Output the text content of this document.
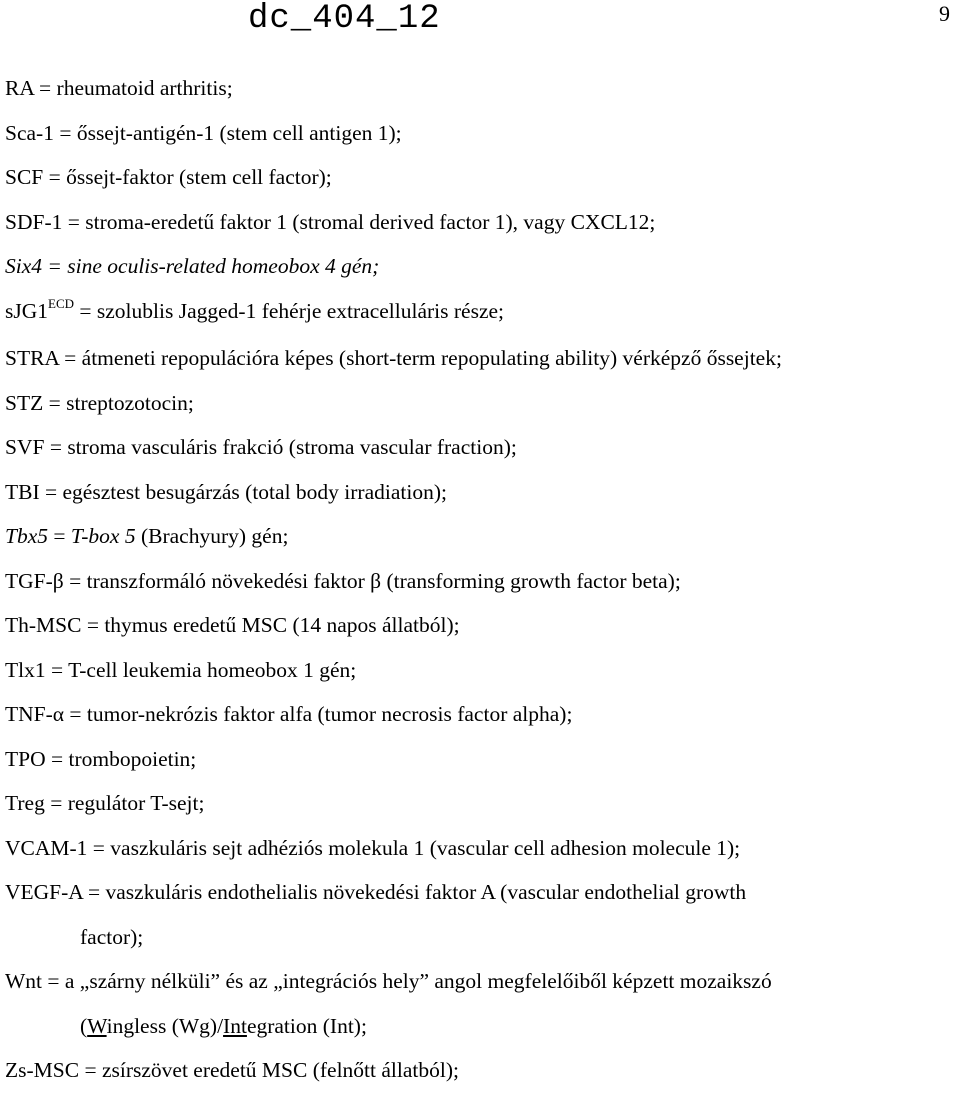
dc_404_12	9
RA = rheumatoid arthritis;
Sca-1 = őssejt-antigén-1 (stem cell antigen 1);
SCF = őssejt-faktor (stem cell factor);
SDF-1 = stroma-eredetű faktor 1 (stromal derived factor 1), vagy CXCL12;
Six4 = sine oculis-related homeobox 4 gén;
$sJG1^{ECD}$ = szolublis Jagged-1 fehérje extracelluláris része;
STRA = átmeneti repopulációra képes (short-term repopulating ability) vérképző őssejtek;
STZ = streptozotocin;
SVF = stroma vasculáris frakció (stroma vascular fraction);
TBI = egésztest besugárzás (total body irradiation);
Tbx5 = T-box 5 (Brachyury) gén;
TGF-β = transzformáló növekedési faktor β (transforming growth factor beta);
Th-MSC = thymus eredetű MSC (14 napos állatból);
Tlx1 = T-cell leukemia homeobox 1 gén;
TNF-α = tumor-nekrózis faktor alfa (tumor necrosis factor alpha);
TPO = trombopoietin;
Treg = regulátor T-sejt;
VCAM-1 = vaszkuláris sejt adhéziós molekula 1 (vascular cell adhesion molecule 1);
VEGF-A = vaszkuláris endothelialis növekedési faktor A (vascular endothelial growth
factor);
Wnt = a „szárny nélküli” és az „integrációs hely” angol megfelelőiből képzett mozaikszó
(Wingless (Wg)/Integration (Int);
Zs-MSC = zsírszövet eredetű MSC (felnőtt állatból);
